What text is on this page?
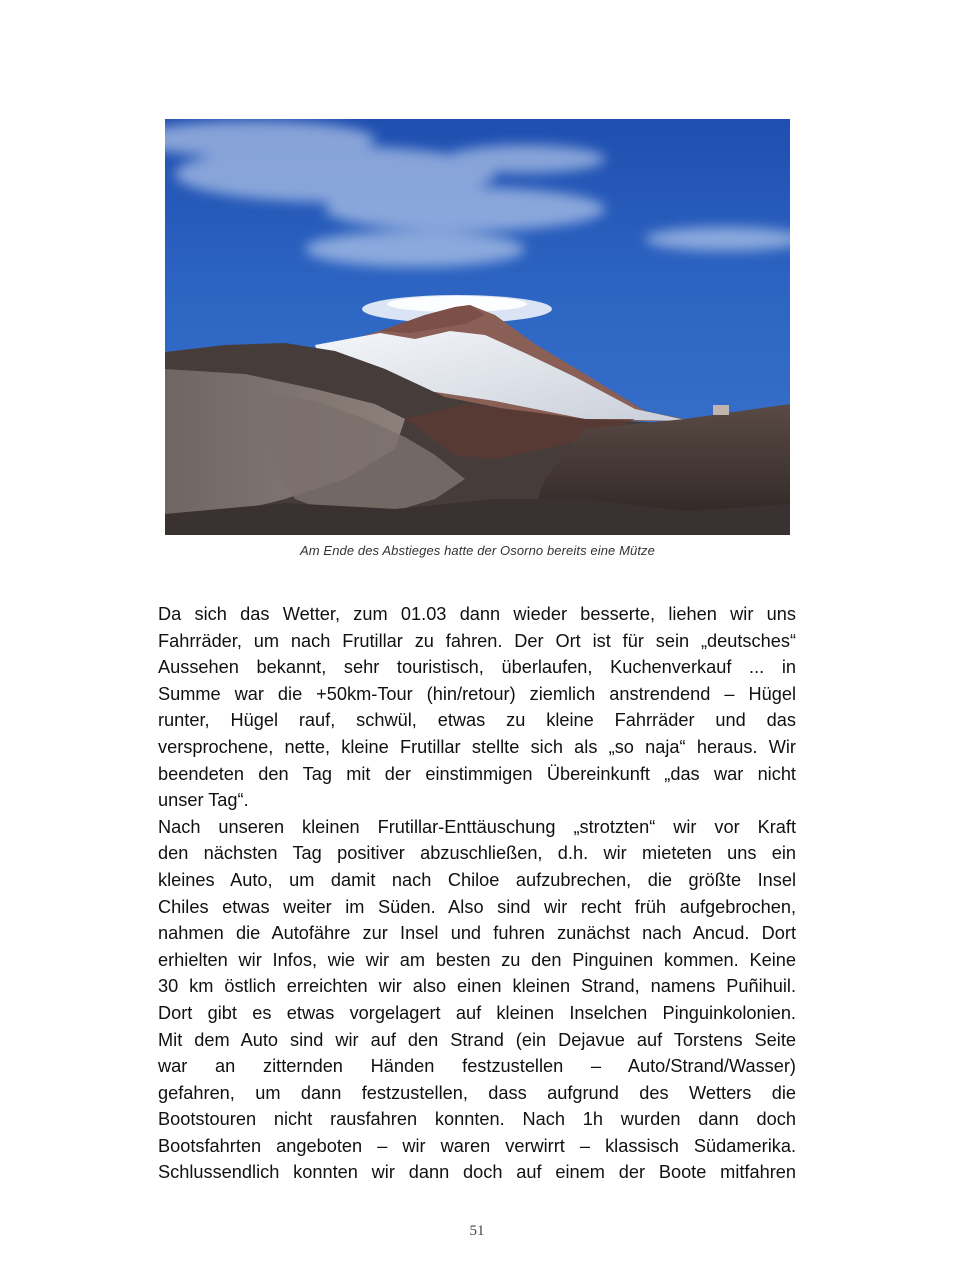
Am Ende des Abstieges hatte der Osorno bereits eine Mütze
Da sich das Wetter, zum 01.03 dann wieder besserte, liehen wir uns
Fahrräder, um nach Frutillar zu fahren. Der Ort ist für sein „deutsches“
Aussehen bekannt, sehr touristisch, überlaufen, Kuchenverkauf ... in
Summe war die +50km-Tour (hin/retour) ziemlich anstrendend – Hügel
runter, Hügel rauf, schwül, etwas zu kleine Fahrräder und das
versprochene, nette, kleine Frutillar stellte sich als „so naja“ heraus. Wir
beendeten den Tag mit der einstimmigen Übereinkunft „das war nicht
unser Tag“.
Nach unseren kleinen Frutillar-Enttäuschung „strotzten“ wir vor Kraft
den nächsten Tag positiver abzuschließen, d.h. wir mieteten uns ein
kleines Auto, um damit nach Chiloe aufzubrechen, die größte Insel
Chiles etwas weiter im Süden. Also sind wir recht früh aufgebrochen,
nahmen die Autofähre zur Insel und fuhren zunächst nach Ancud. Dort
erhielten wir Infos, wie wir am besten zu den Pinguinen kommen. Keine
30 km östlich erreichten wir also einen kleinen Strand, namens Puñihuil.
Dort gibt es etwas vorgelagert auf kleinen Inselchen Pinguinkolonien.
Mit dem Auto sind wir auf den Strand (ein Dejavue auf Torstens Seite
war an zitternden Händen festzustellen – Auto/Strand/Wasser)
gefahren, um dann festzustellen, dass aufgrund des Wetters die
Bootstouren nicht rausfahren konnten. Nach 1h wurden dann doch
Bootsfahrten angeboten – wir waren verwirrt – klassisch Südamerika.
Schlussendlich konnten wir dann doch auf einem der Boote mitfahren
51
